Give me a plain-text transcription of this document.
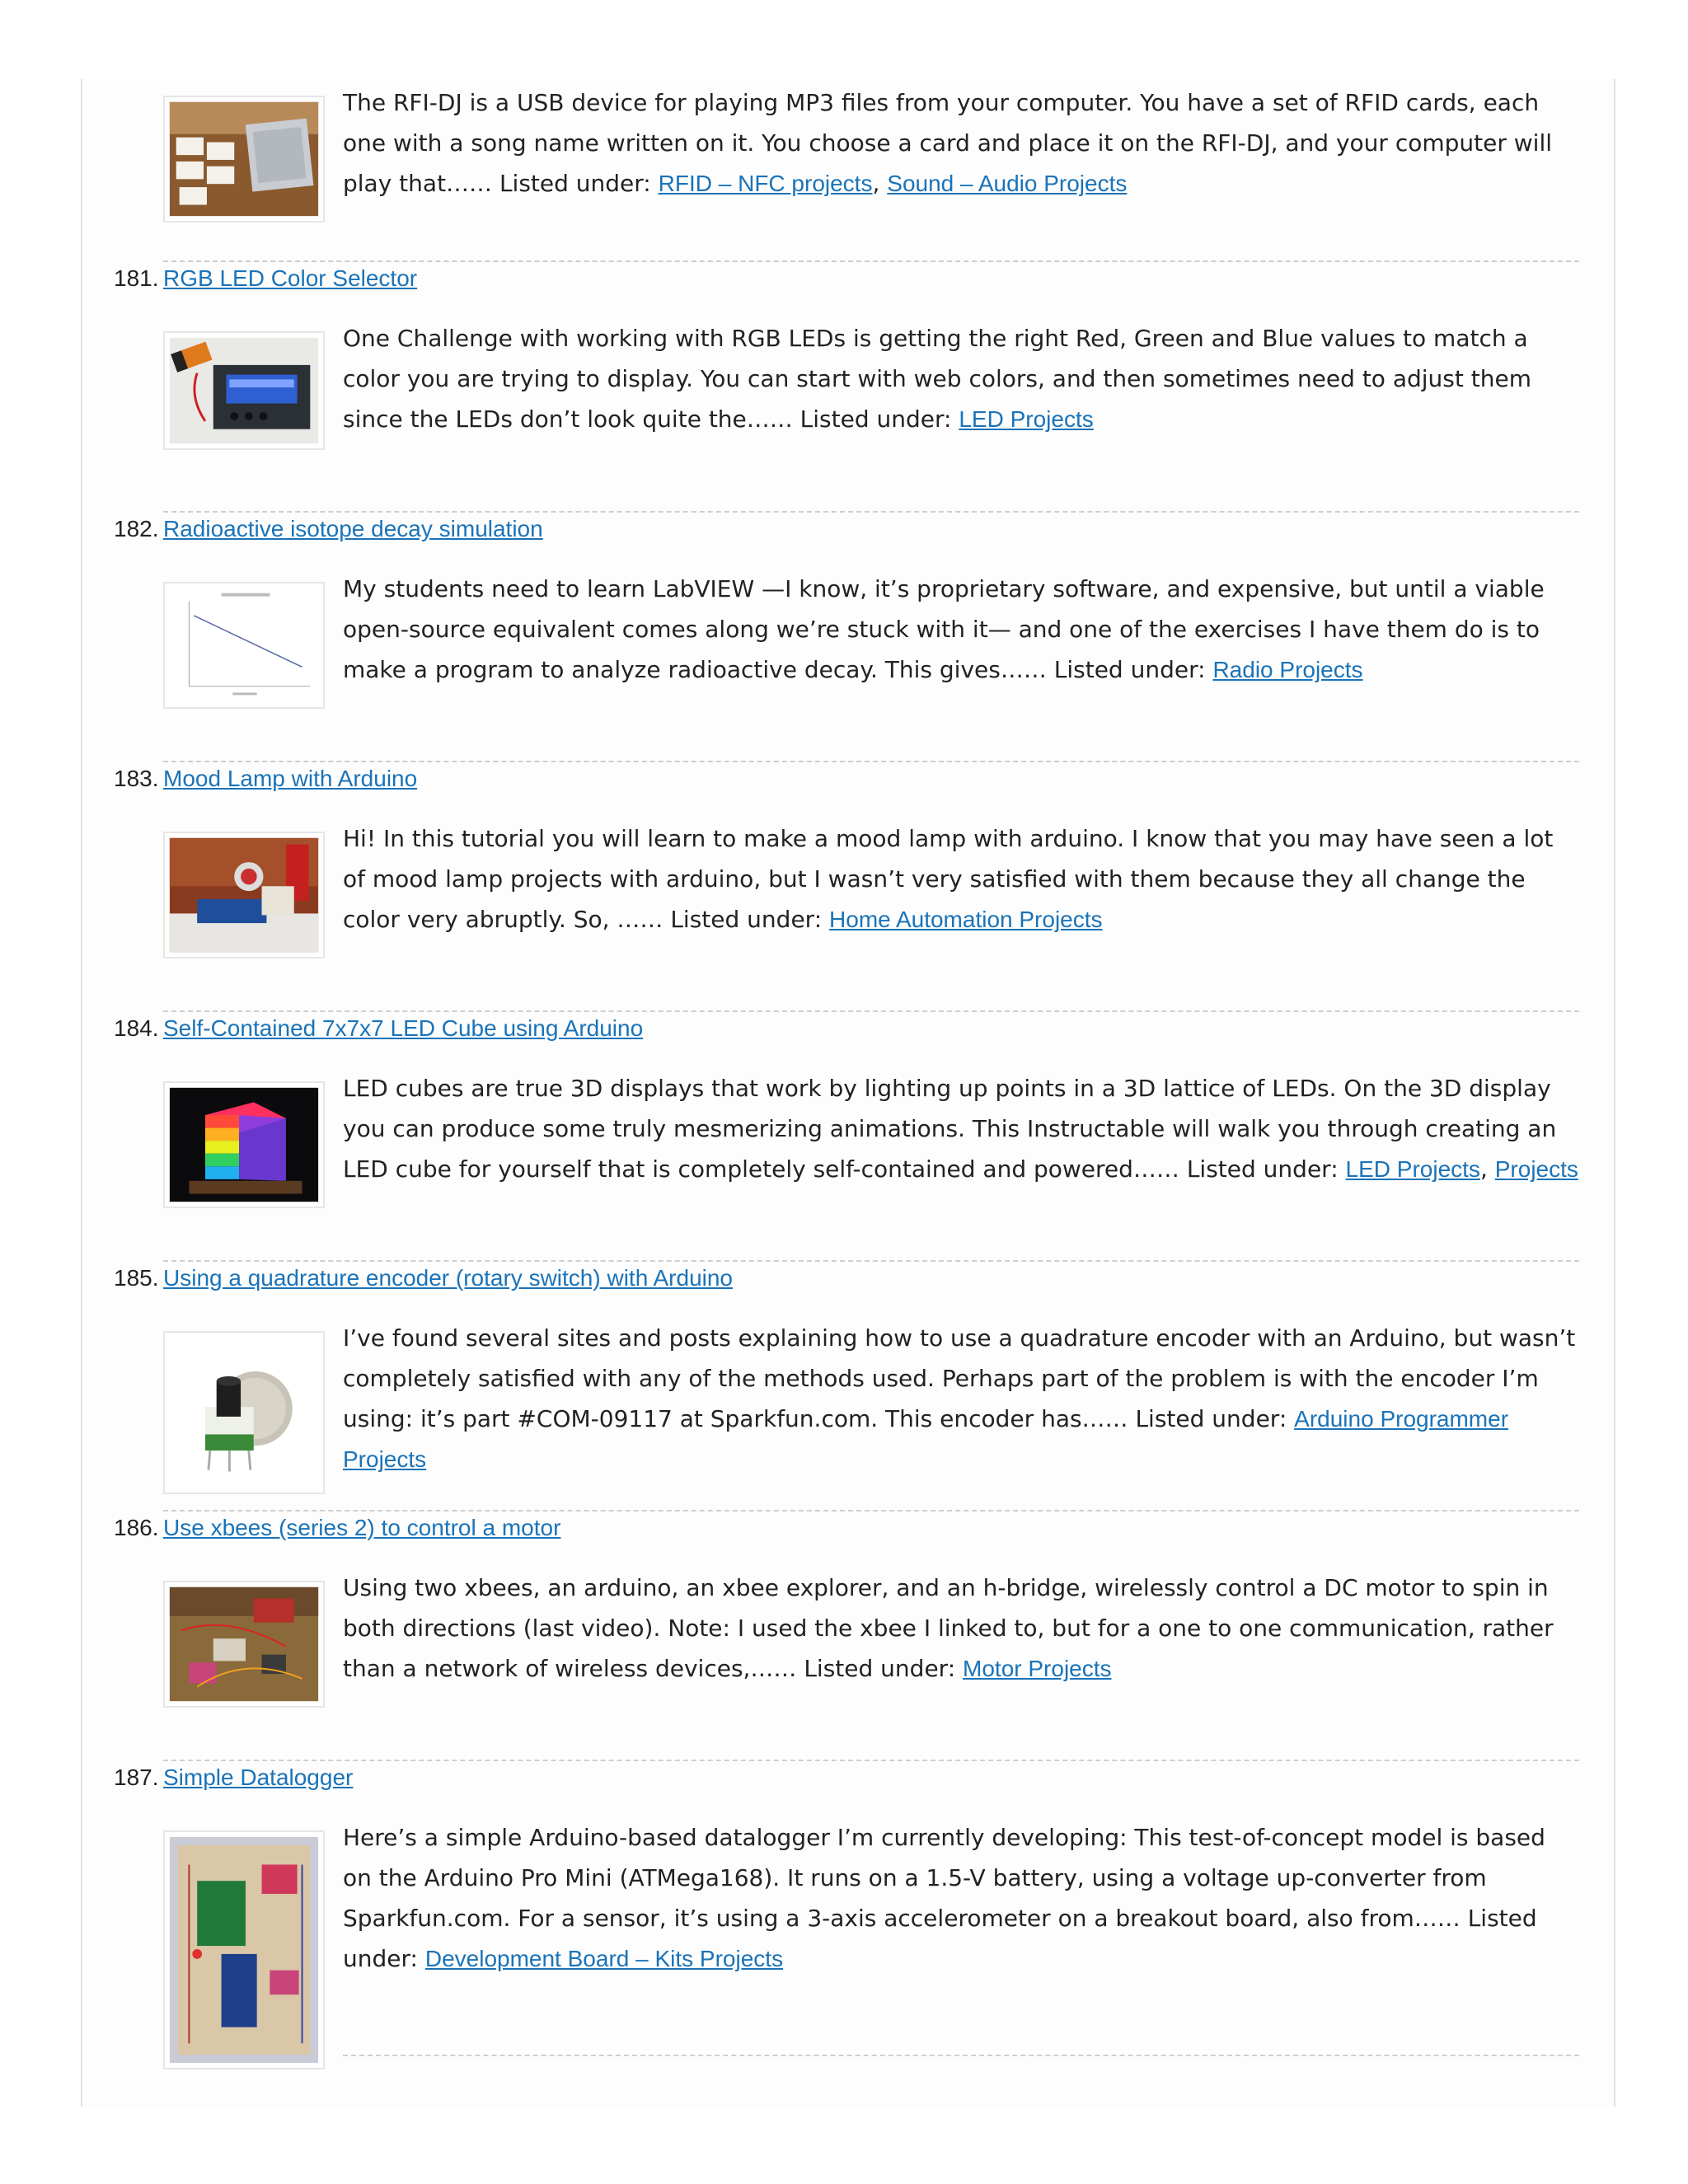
The RFI-DJ is a USB device for playing MP3 files from your computer. You have a set of RFID cards, each one with a song name written on it. You choose a card and place it on the RFI-DJ, and your computer will play that…… Listed under: RFID – NFC projects, Sound – Audio Projects
181. RGB LED Color Selector
One Challenge with working with RGB LEDs is getting the right Red, Green and Blue values to match a color you are trying to display. You can start with web colors, and then sometimes need to adjust them since the LEDs don’t look quite the…… Listed under: LED Projects
182. Radioactive isotope decay simulation
My students need to learn LabVIEW —I know, it’s proprietary software, and expensive, but until a viable open-source equivalent comes along we’re stuck with it— and one of the exercises I have them do is to make a program to analyze radioactive decay. This gives…… Listed under: Radio Projects
183. Mood Lamp with Arduino
Hi! In this tutorial you will learn to make a mood lamp with arduino. I know that you may have seen a lot of mood lamp projects with arduino, but I wasn’t very satisfied with them because they all change the color very abruptly. So, …… Listed under: Home Automation Projects
184. Self-Contained 7x7x7 LED Cube using Arduino
LED cubes are true 3D displays that work by lighting up points in a 3D lattice of LEDs. On the 3D display you can produce some truly mesmerizing animations. This Instructable will walk you through creating an LED cube for yourself that is completely self-contained and powered…… Listed under: LED Projects, Projects
185. Using a quadrature encoder (rotary switch) with Arduino
I’ve found several sites and posts explaining how to use a quadrature encoder with an Arduino, but wasn’t completely satisfied with any of the methods used. Perhaps part of the problem is with the encoder I’m using: it’s part #COM-09117 at Sparkfun.com. This encoder has…… Listed under: Arduino Programmer Projects
186. Use xbees (series 2) to control a motor
Using two xbees, an arduino, an xbee explorer, and an h-bridge, wirelessly control a DC motor to spin in both directions (last video). Note: I used the xbee I linked to, but for a one to one communication, rather than a network of wireless devices,…… Listed under: Motor Projects
187. Simple Datalogger
Here’s a simple Arduino-based datalogger I’m currently developing: This test-of-concept model is based on the Arduino Pro Mini (ATMega168). It runs on a 1.5-V battery, using a voltage up-converter from Sparkfun.com. For a sensor, it’s using a 3-axis accelerometer on a breakout board, also from…… Listed under: Development Board – Kits Projects
